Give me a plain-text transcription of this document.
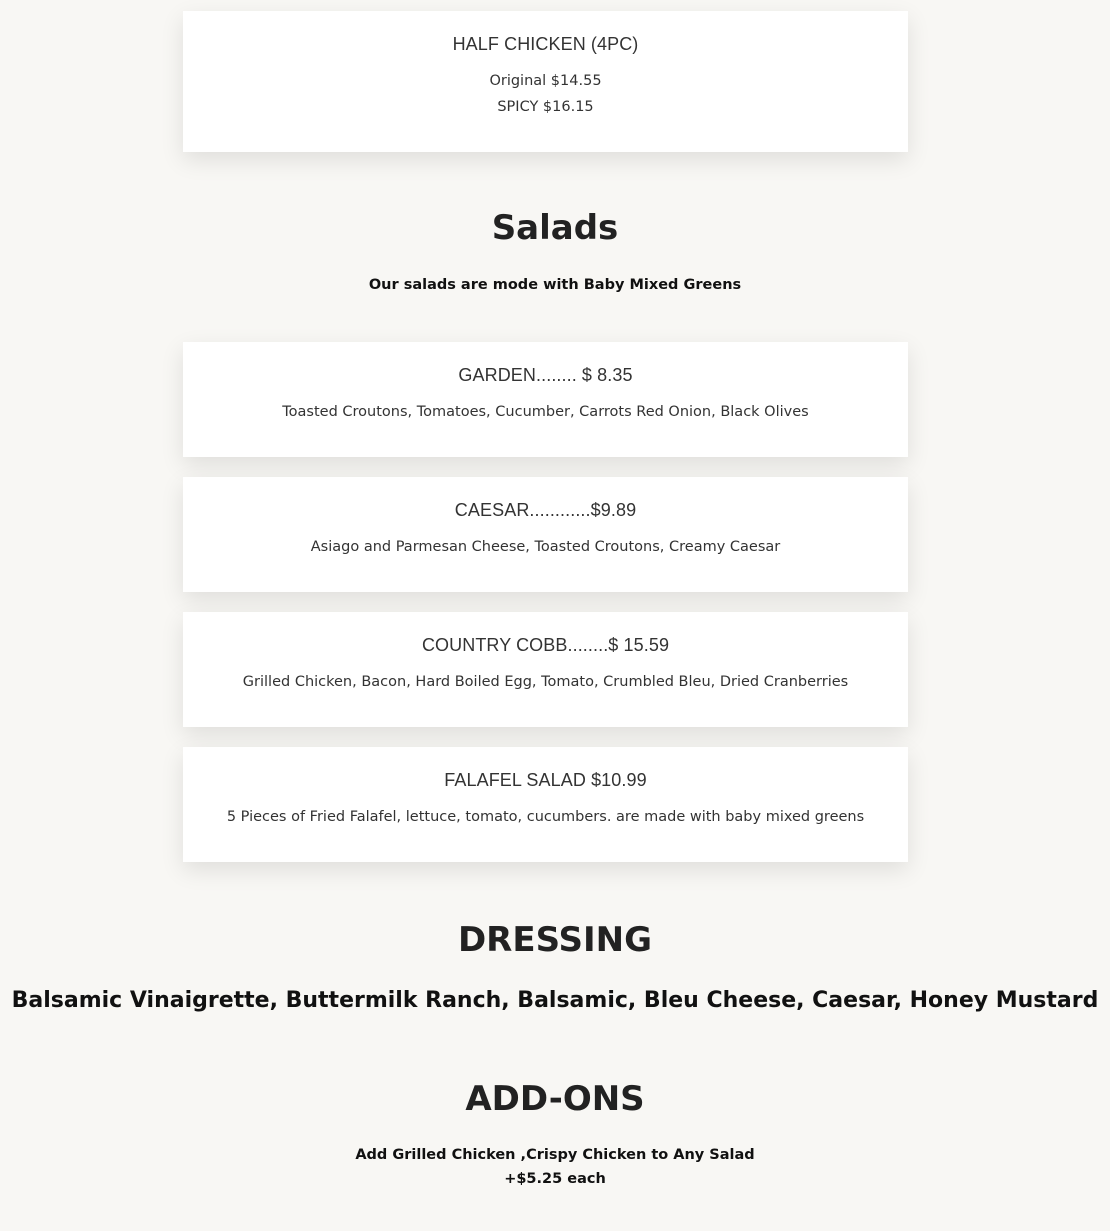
HALF CHICKEN (4PC)
Original $14.55
SPICY $16.15
Salads
Our salads are mode with Baby Mixed Greens
GARDEN........ $ 8.35
Toasted Croutons, Tomatoes, Cucumber, Carrots Red Onion, Black Olives
CAESAR............$9.89
Asiago and Parmesan Cheese, Toasted Croutons, Creamy Caesar
COUNTRY COBB........$ 15.59
Grilled Chicken, Bacon, Hard Boiled Egg, Tomato, Crumbled Bleu, Dried Cranberries
FALAFEL SALAD $10.99
5 Pieces of Fried Falafel, lettuce, tomato, cucumbers. are made with baby mixed greens
DRESSING
Balsamic Vinaigrette, Buttermilk Ranch, Balsamic, Bleu Cheese, Caesar, Honey Mustard
ADD-ONS
Add Grilled Chicken ,Crispy Chicken to Any Salad
+$5.25 each
